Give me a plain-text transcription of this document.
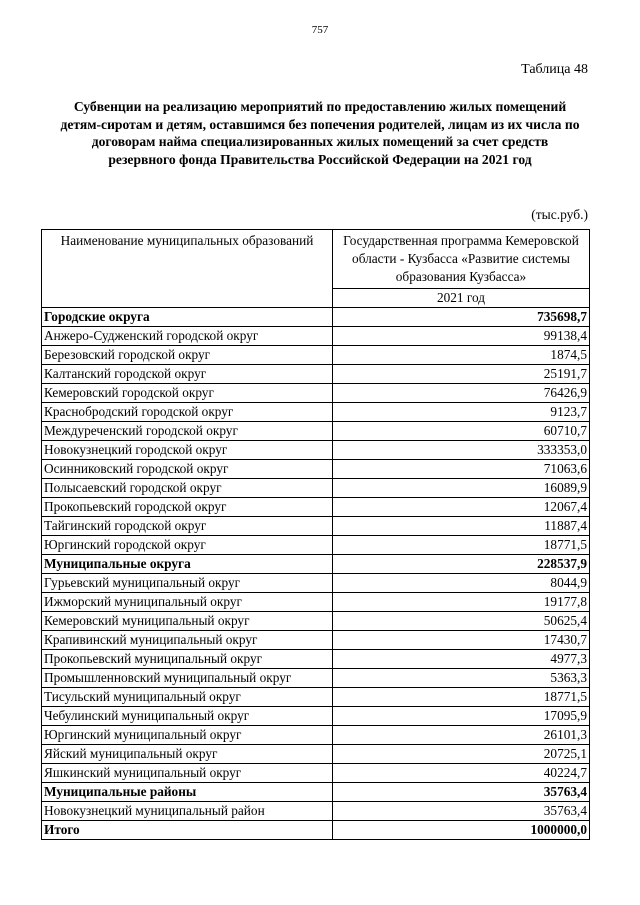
757
Таблица 48
Субвенции на реализацию мероприятий по предоставлению жилых помещений
детям-сиротам и детям, оставшимся без попечения родителей, лицам из их числа по
договорам найма специализированных жилых помещений за счет средств
резервного фонда Правительства Российской Федерации на 2021 год
(тыс.руб.)
Наименование муниципальных образований	Государственная программа Кемеровской области - Кузбасса «Развитие системы образования Кузбасса»
	2021 год
Городские округа	735698,7
Анжеро-Судженский городской округ	99138,4
Березовский городской округ	1874,5
Калтанский городской округ	25191,7
Кемеровский городской округ	76426,9
Краснобродский городской округ	9123,7
Междуреченский городской округ	60710,7
Новокузнецкий городской округ	333353,0
Осинниковский городской округ	71063,6
Полысаевский городской округ	16089,9
Прокопьевский городской округ	12067,4
Тайгинский городской округ	11887,4
Юргинский городской округ	18771,5
Муниципальные округа	228537,9
Гурьевский муниципальный округ	8044,9
Ижморский муниципальный округ	19177,8
Кемеровский муниципальный округ	50625,4
Крапивинский муниципальный округ	17430,7
Прокопьевский муниципальный округ	4977,3
Промышленновский муниципальный округ	5363,3
Тисульский муниципальный округ	18771,5
Чебулинский муниципальный округ	17095,9
Юргинский муниципальный округ	26101,3
Яйский муниципальный округ	20725,1
Яшкинский муниципальный округ	40224,7
Муниципальные районы	35763,4
Новокузнецкий муниципальный район	35763,4
Итого	1000000,0
